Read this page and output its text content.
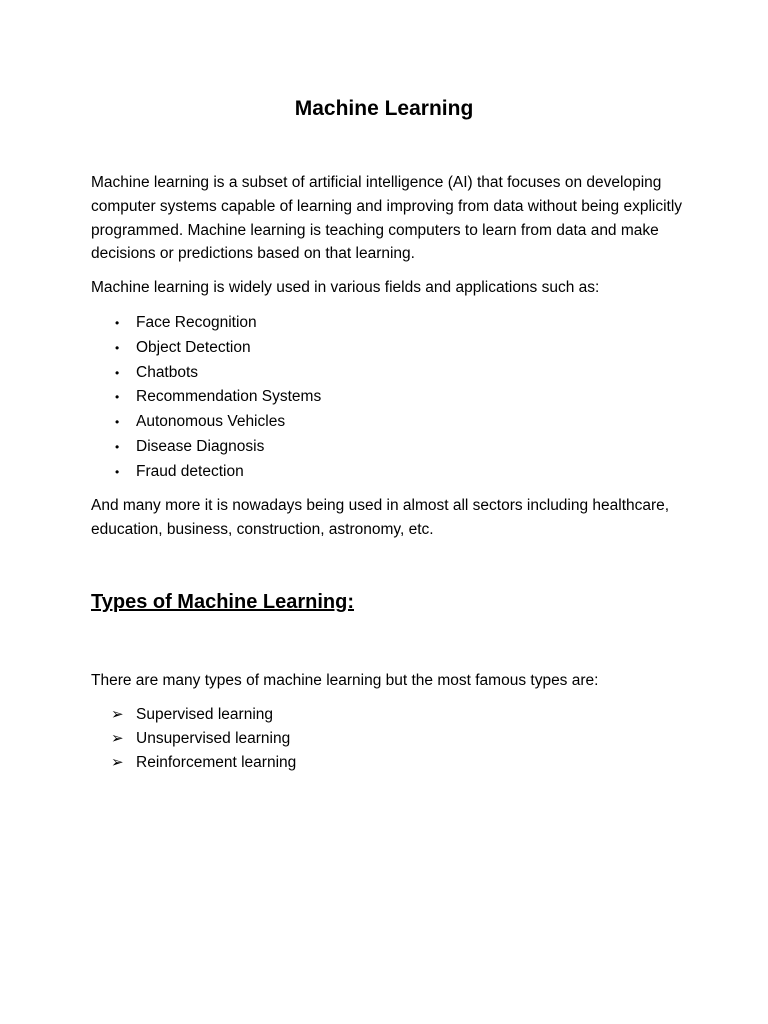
Machine Learning

Machine learning is a subset of artificial intelligence (AI) that focuses on developing computer systems capable of learning and improving from data without being explicitly programmed. Machine learning is teaching computers to learn from data and make decisions or predictions based on that learning.

Machine learning is widely used in various fields and applications such as:

• Face Recognition
• Object Detection
• Chatbots
• Recommendation Systems
• Autonomous Vehicles
• Disease Diagnosis
• Fraud detection

And many more it is nowadays being used in almost all sectors including healthcare, education, business, construction, astronomy, etc.

Types of Machine Learning:

There are many types of machine learning but the most famous types are:

➢ Supervised learning
➢ Unsupervised learning
➢ Reinforcement learning
